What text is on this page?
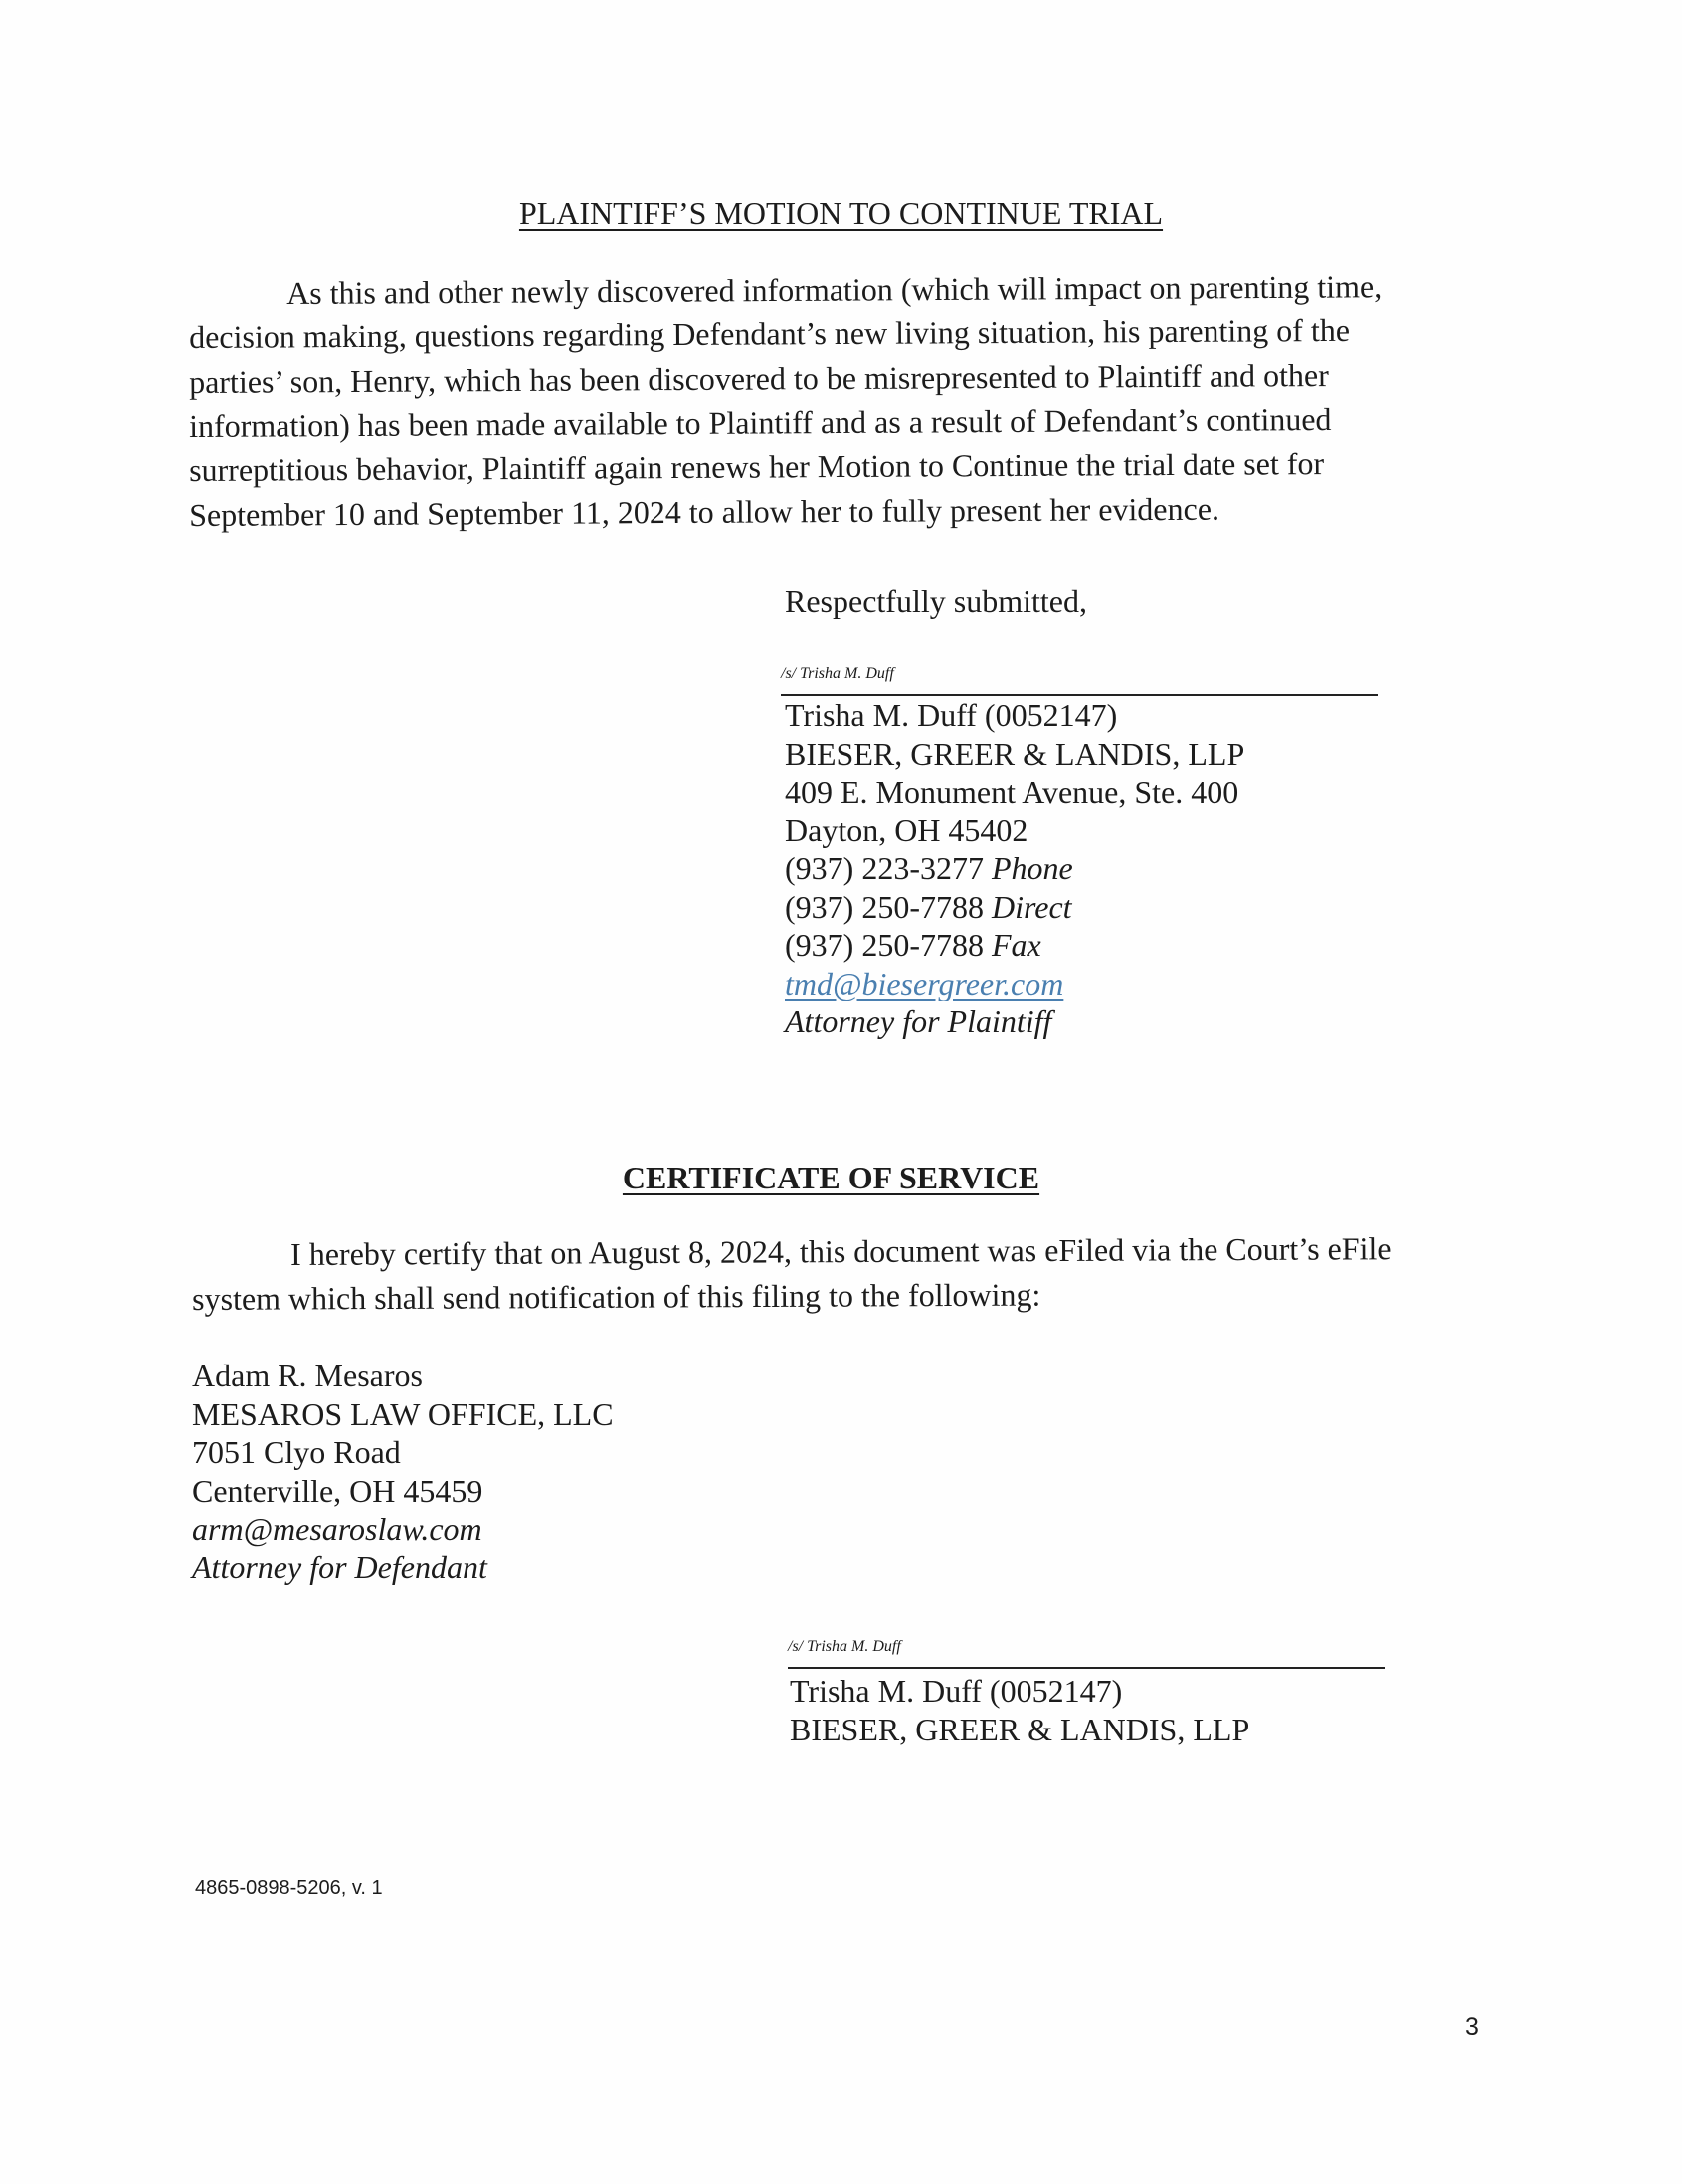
PLAINTIFF’S MOTION TO CONTINUE TRIAL
As this and other newly discovered information (which will impact on parenting time,
decision making, questions regarding Defendant’s new living situation, his parenting of the
parties’ son, Henry, which has been discovered to be misrepresented to Plaintiff and other
information) has been made available to Plaintiff and as a result of Defendant’s continued
surreptitious behavior, Plaintiff again renews her Motion to Continue the trial date set for
September 10 and September 11, 2024 to allow her to fully present her evidence.
Respectfully submitted,
/s/ Trisha M. Duff
Trisha M. Duff (0052147)
BIESER, GREER & LANDIS, LLP
409 E. Monument Avenue, Ste. 400
Dayton, OH 45402
(937) 223-3277 Phone
(937) 250-7788 Direct
(937) 250-7788 Fax
tmd@biesergreer.com
Attorney for Plaintiff
CERTIFICATE OF SERVICE
I hereby certify that on August 8, 2024, this document was eFiled via the Court’s eFile
system which shall send notification of this filing to the following:
Adam R. Mesaros
MESAROS LAW OFFICE, LLC
7051 Clyo Road
Centerville, OH 45459
arm@mesaroslaw.com
Attorney for Defendant
/s/ Trisha M. Duff
Trisha M. Duff (0052147)
BIESER, GREER & LANDIS, LLP
4865-0898-5206, v. 1
3
